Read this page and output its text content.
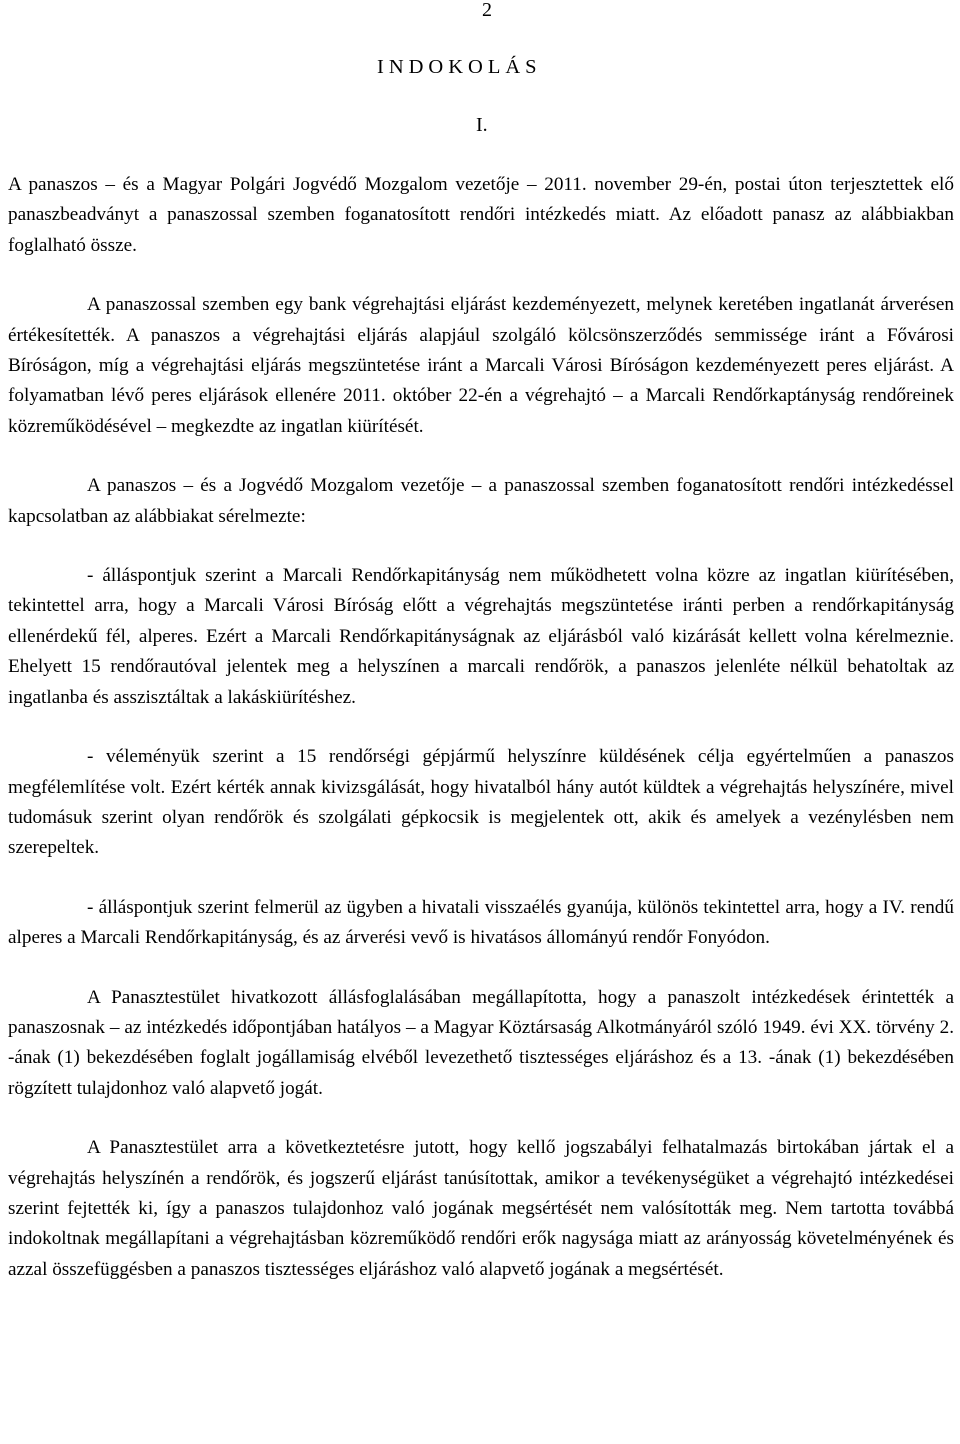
2

INDOKOLÁS
I.

A panaszos – és a Magyar Polgári Jogvédő Mozgalom vezetője – 2011. november 29-én, postai úton terjesztettek elő panaszbeadványt a panaszossal szemben foganatosított rendőri intézkedés miatt. Az előadott panasz az alábbiakban foglalható össze.

A panaszossal szemben egy bank végrehajtási eljárást kezdeményezett, melynek keretében ingatlanát árverésen értékesítették. A panaszos a végrehajtási eljárás alapjául szolgáló kölcsönszerződés semmissége iránt a Fővárosi Bíróságon, míg a végrehajtási eljárás megszüntetése iránt a Marcali Városi Bíróságon kezdeményezett peres eljárást. A folyamatban lévő peres eljárások ellenére 2011. október 22-én a végrehajtó – a Marcali Rendőrkaptányság rendőreinek közreműködésével – megkezdte az ingatlan kiürítését.

A panaszos – és a Jogvédő Mozgalom vezetője – a panaszossal szemben foganatosított rendőri intézkedéssel kapcsolatban az alábbiakat sérelmezte:

- álláspontjuk szerint a Marcali Rendőrkapitányság nem működhetett volna közre az ingatlan kiürítésében, tekintettel arra, hogy a Marcali Városi Bíróság előtt a végrehajtás megszüntetése iránti perben a rendőrkapitányság ellenérdekű fél, alperes. Ezért a Marcali Rendőrkapitányságnak az eljárásból való kizárását kellett volna kérelmeznie. Ehelyett 15 rendőrautóval jelentek meg a helyszínen a marcali rendőrök, a panaszos jelenléte nélkül behatoltak az ingatlanba és asszisztáltak a lakáskiürítéshez.

- véleményük szerint a 15 rendőrségi gépjármű helyszínre küldésének célja egyértelműen a panaszos megfélemlítése volt. Ezért kérték annak kivizsgálását, hogy hivatalból hány autót küldtek a végrehajtás helyszínére, mivel tudomásuk szerint olyan rendőrök és szolgálati gépkocsik is megjelentek ott, akik és amelyek a vezénylésben nem szerepeltek.

- álláspontjuk szerint felmerül az ügyben a hivatali visszaélés gyanúja, különös tekintettel arra, hogy a IV. rendű alperes a Marcali Rendőrkapitányság, és az árverési vevő is hivatásos állományú rendőr Fonyódon.

A Panasztestület hivatkozott állásfoglalásában megállapította, hogy a panaszolt intézkedések érintették a panaszosnak – az intézkedés időpontjában hatályos – a Magyar Köztársaság Alkotmányáról szóló 1949. évi XX. törvény 2. -ának (1) bekezdésében foglalt jogállamiság elvéből levezethető tisztességes eljáráshoz és a 13. -ának (1) bekezdésében rögzített tulajdonhoz való alapvető jogát.

A Panasztestület arra a következtetésre jutott, hogy kellő jogszabályi felhatalmazás birtokában jártak el a végrehajtás helyszínén a rendőrök, és jogszerű eljárást tanúsítottak, amikor a tevékenységüket a végrehajtó intézkedései szerint fejtették ki, így a panaszos tulajdonhoz való jogának megsértését nem valósították meg. Nem tartotta továbbá indokoltnak megállapítani a végrehajtásban közreműködő rendőri erők nagysága miatt az arányosság követelményének és azzal összefüggésben a panaszos tisztességes eljáráshoz való alapvető jogának a megsértését.
